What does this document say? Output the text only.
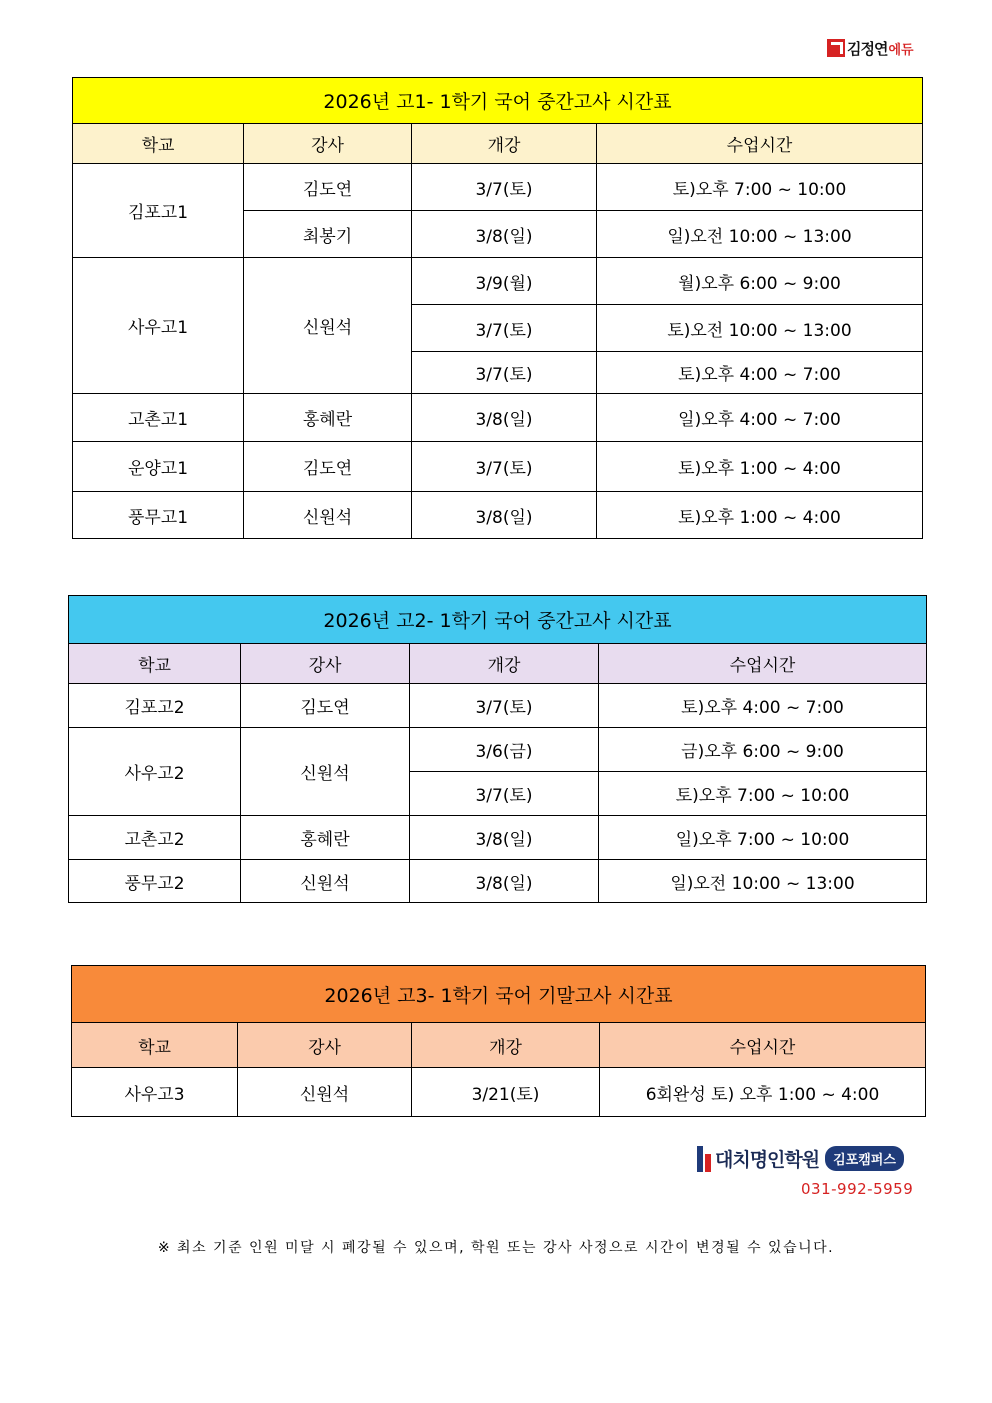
김정연 에듀
2026년 고1- 1학기 국어 중간고사 시간표			
학교	강사	개강	수업시간
김포고1	김도연	3/7(토)	토)오후 7:00 ~ 10:00
	최봉기	3/8(일)	일)오전 10:00 ~ 13:00
사우고1	신원석	3/9(월)	월)오후 6:00 ~ 9:00
		3/7(토)	토)오전 10:00 ~ 13:00
		3/7(토)	토)오후 4:00 ~ 7:00
고촌고1	홍혜란	3/8(일)	일)오후 4:00 ~ 7:00
운양고1	김도연	3/7(토)	토)오후 1:00 ~ 4:00
풍무고1	신원석	3/8(일)	토)오후 1:00 ~ 4:00
2026년 고2- 1학기 국어 중간고사 시간표			
학교	강사	개강	수업시간
김포고2	김도연	3/7(토)	토)오후 4:00 ~ 7:00
사우고2	신원석	3/6(금)	금)오후 6:00 ~ 9:00
		3/7(토)	토)오후 7:00 ~ 10:00
고촌고2	홍혜란	3/8(일)	일)오후 7:00 ~ 10:00
풍무고2	신원석	3/8(일)	일)오전 10:00 ~ 13:00
2026년 고3- 1학기 국어 기말고사 시간표			
학교	강사	개강	수업시간
사우고3	신원석	3/21(토)	6회완성 토) 오후 1:00 ~ 4:00
대치명인학원	김포캠퍼스
031-992-5959
※ 최소 기준 인원 미달 시 폐강될 수 있으며, 학원 또는 강사 사정으로 시간이 변경될 수 있습니다.
